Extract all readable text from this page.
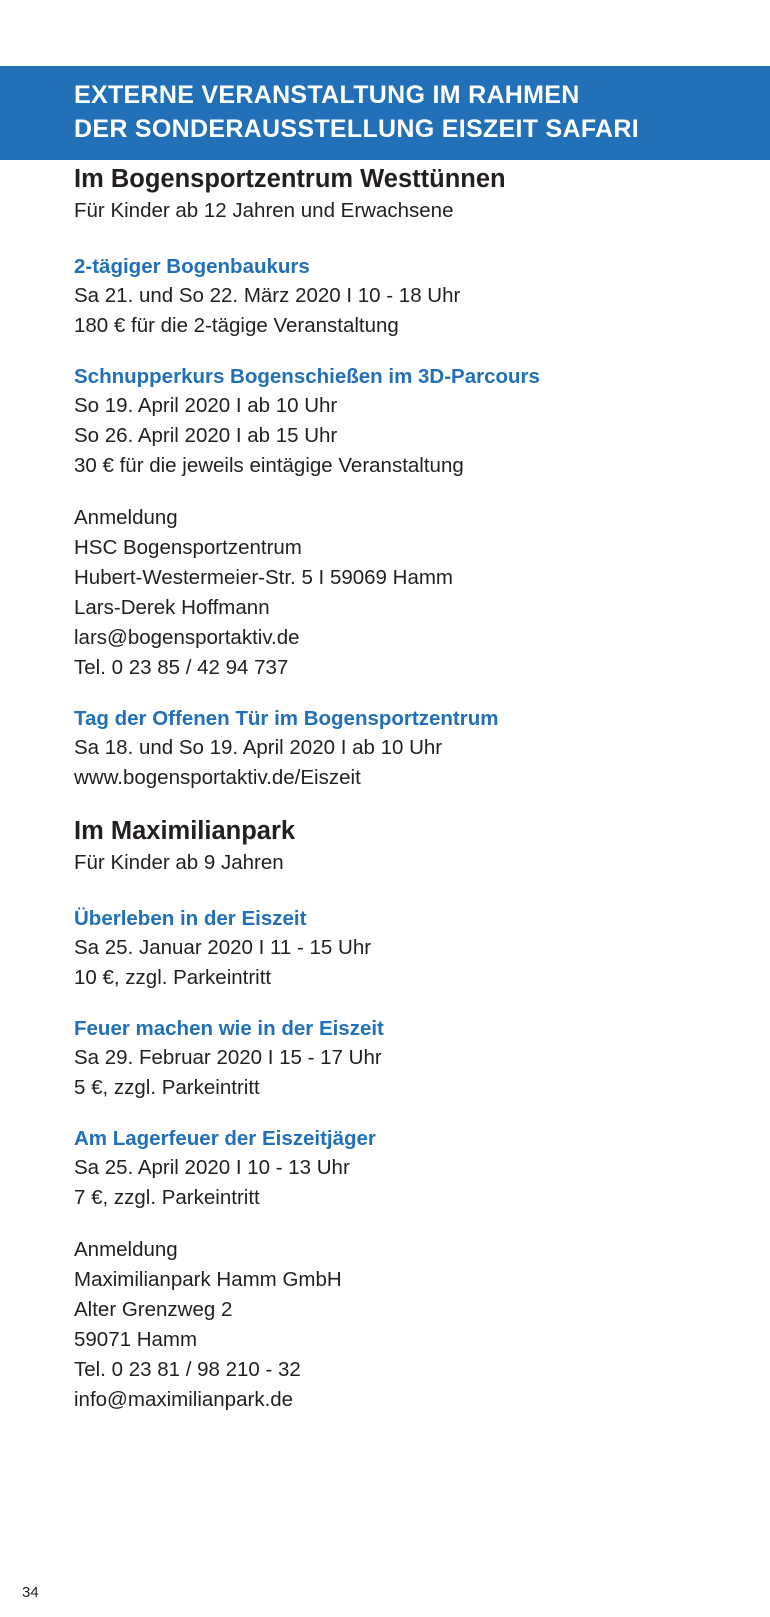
EXTERNE VERANSTALTUNG IM RAHMEN
DER SONDERAUSSTELLUNG EISZEIT SAFARI
Im Bogensportzentrum Westtünnen
Für Kinder ab 12 Jahren und Erwachsene
2-tägiger Bogenbaukurs
Sa 21. und So 22. März 2020 I 10 - 18 Uhr
180 € für die 2-tägige Veranstaltung
Schnupperkurs Bogenschießen im 3D-Parcours
So 19. April 2020 I ab 10 Uhr
So 26. April 2020 I ab 15 Uhr
30 € für die jeweils eintägige Veranstaltung
Anmeldung
HSC Bogensportzentrum
Hubert-Westermeier-Str. 5 I 59069 Hamm
Lars-Derek Hoffmann
lars@bogensportaktiv.de
Tel. 0 23 85 / 42 94 737
Tag der Offenen Tür im Bogensportzentrum
Sa 18. und So 19. April 2020 I ab 10 Uhr
www.bogensportaktiv.de/Eiszeit
Im Maximilianpark
Für Kinder ab 9 Jahren
Überleben in der Eiszeit
Sa 25. Januar 2020 I 11 - 15 Uhr
10 €, zzgl. Parkeintritt
Feuer machen wie in der Eiszeit
Sa 29. Februar 2020 I 15 - 17 Uhr
5 €, zzgl. Parkeintritt
Am Lagerfeuer der Eiszeitjäger
Sa 25. April 2020 I 10 - 13 Uhr
7 €, zzgl. Parkeintritt
Anmeldung
Maximilianpark Hamm GmbH
Alter Grenzweg 2
59071 Hamm
Tel. 0 23 81 / 98 210 - 32
info@maximilianpark.de
34
